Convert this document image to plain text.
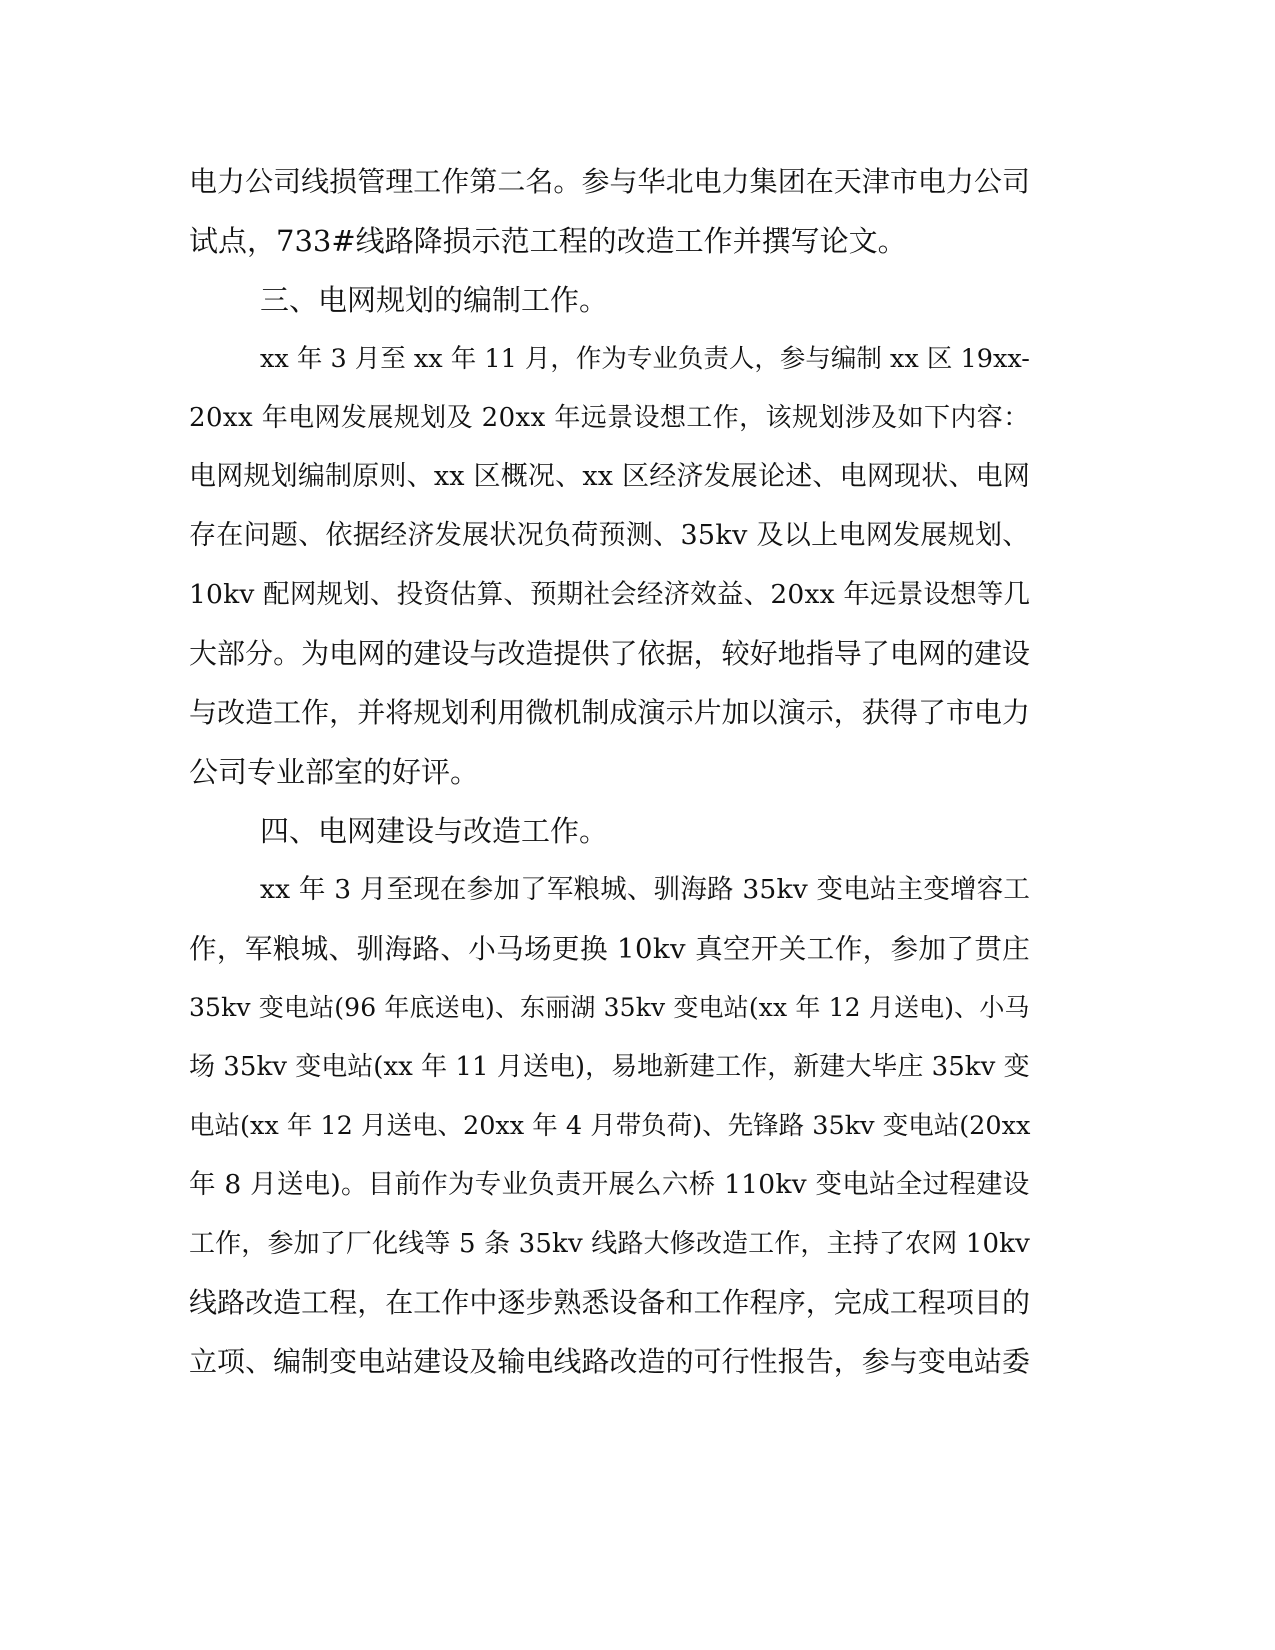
电力公司线损管理工作第二名。参与华北电力集团在天津市电力公司
试点，733#线路降损示范工程的改造工作并撰写论文。
三、电网规划的编制工作。
xx 年 3 月至 xx 年 11 月，作为专业负责人，参与编制 xx 区 19xx-
20xx 年电网发展规划及 20xx 年远景设想工作，该规划涉及如下内容：
电网规划编制原则、xx 区概况、xx 区经济发展论述、电网现状、电网
存在问题、依据经济发展状况负荷预测、35kv 及以上电网发展规划、
10kv 配网规划、投资估算、预期社会经济效益、20xx 年远景设想等几
大部分。为电网的建设与改造提供了依据，较好地指导了电网的建设
与改造工作，并将规划利用微机制成演示片加以演示，获得了市电力
公司专业部室的好评。
四、电网建设与改造工作。
xx 年 3 月至现在参加了军粮城、驯海路 35kv 变电站主变增容工
作，军粮城、驯海路、小马场更换 10kv 真空开关工作，参加了贯庄
35kv 变电站(96 年底送电)、东丽湖 35kv 变电站(xx 年 12 月送电)、小马
场 35kv 变电站(xx 年 11 月送电)，易地新建工作，新建大毕庄 35kv 变
电站(xx 年 12 月送电、20xx 年 4 月带负荷)、先锋路 35kv 变电站(20xx
年 8 月送电)。目前作为专业负责开展么六桥 110kv 变电站全过程建设
工作，参加了厂化线等 5 条 35kv 线路大修改造工作，主持了农网 10kv
线路改造工程，在工作中逐步熟悉设备和工作程序，完成工程项目的
立项、编制变电站建设及输电线路改造的可行性报告，参与变电站委
